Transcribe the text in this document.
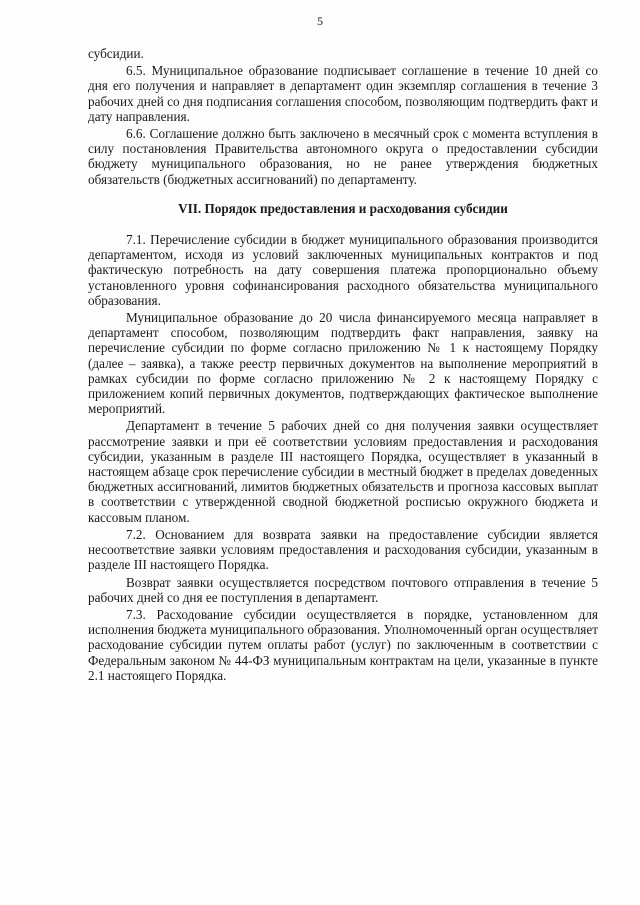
5

субсидии.

6.5. Муниципальное образование подписывает соглашение в течение 10 дней со дня его получения и направляет в департамент один экземпляр соглашения в течение 3 рабочих дней со дня подписания соглашения способом, позволяющим подтвердить факт и дату направления.

6.6. Соглашение должно быть заключено в месячный срок с момента вступления в силу постановления Правительства автономного округа о предоставлении субсидии бюджету муниципального образования, но не ранее утверждения бюджетных обязательств (бюджетных ассигнований) по департаменту.

VII. Порядок предоставления и расходования субсидии

7.1. Перечисление субсидии в бюджет муниципального образования производится департаментом, исходя из условий заключенных муниципальных контрактов и под фактическую потребность на дату совершения платежа пропорционально объему установленного уровня софинансирования расходного обязательства муниципального образования.

Муниципальное образование до 20 числа финансируемого месяца направляет в департамент способом, позволяющим подтвердить факт направления, заявку на перечисление субсидии по форме согласно приложению № 1 к настоящему Порядку (далее – заявка), а также реестр первичных документов на выполнение мероприятий в рамках субсидии по форме согласно приложению № 2 к настоящему Порядку с приложением копий первичных документов, подтверждающих фактическое выполнение мероприятий.

Департамент в течение 5 рабочих дней со дня получения заявки осуществляет рассмотрение заявки и при её соответствии условиям предоставления и расходования субсидии, указанным в разделе III настоящего Порядка, осуществляет в указанный в настоящем абзаце срок перечисление субсидии в местный бюджет в пределах доведенных бюджетных ассигнований, лимитов бюджетных обязательств и прогноза кассовых выплат в соответствии с утвержденной сводной бюджетной росписью окружного бюджета и кассовым планом.

7.2. Основанием для возврата заявки на предоставление субсидии является несоответствие заявки условиям предоставления и расходования субсидии, указанным в разделе III настоящего Порядка.

Возврат заявки осуществляется посредством почтового отправления в течение 5 рабочих дней со дня ее поступления в департамент.

7.3. Расходование субсидии осуществляется в порядке, установленном для исполнения бюджета муниципального образования. Уполномоченный орган осуществляет расходование субсидии путем оплаты работ (услуг) по заключенным в соответствии с Федеральным законом № 44-ФЗ муниципальным контрактам на цели, указанные в пункте 2.1 настоящего Порядка.
